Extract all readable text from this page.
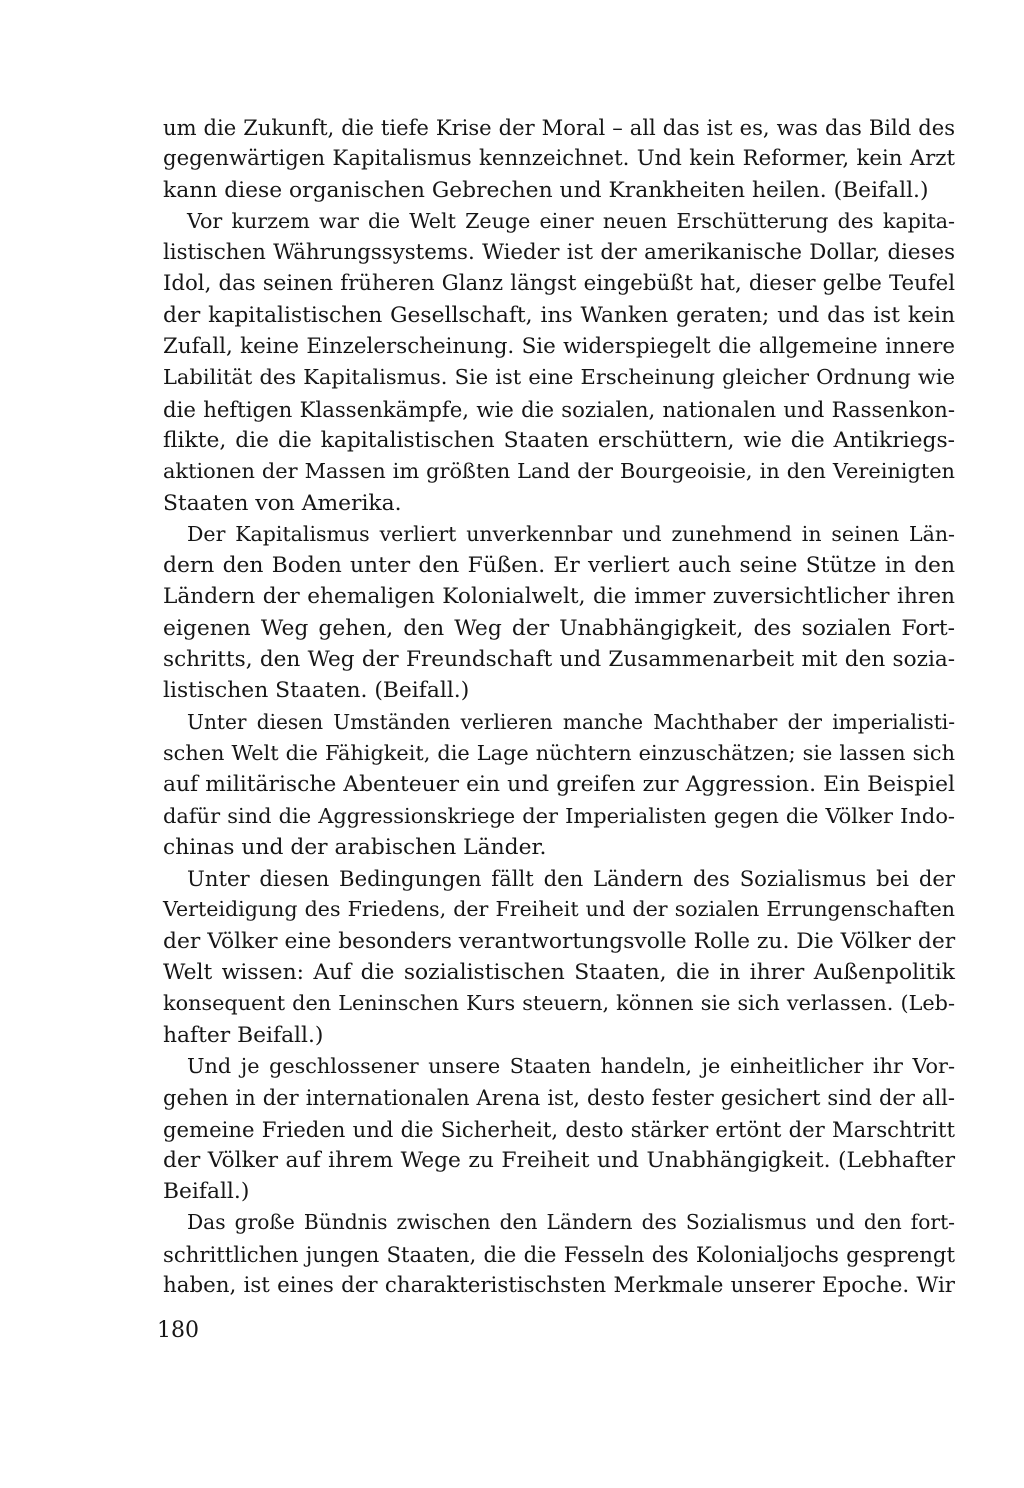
um die Zukunft, die tiefe Krise der Moral – all das ist es, was das Bild des
gegenwärtigen Kapitalismus kennzeichnet. Und kein Reformer, kein Arzt
kann diese organischen Gebrechen und Krankheiten heilen. (Beifall.)
Vor kurzem war die Welt Zeuge einer neuen Erschütterung des kapita-
listischen Währungssystems. Wieder ist der amerikanische Dollar, dieses
Idol, das seinen früheren Glanz längst eingebüßt hat, dieser gelbe Teufel
der kapitalistischen Gesellschaft, ins Wanken geraten; und das ist kein
Zufall, keine Einzelerscheinung. Sie widerspiegelt die allgemeine innere
Labilität des Kapitalismus. Sie ist eine Erscheinung gleicher Ordnung wie
die heftigen Klassenkämpfe, wie die sozialen, nationalen und Rassenkon-
flikte, die die kapitalistischen Staaten erschüttern, wie die Antikriegs-
aktionen der Massen im größten Land der Bourgeoisie, in den Vereinigten
Staaten von Amerika.
Der Kapitalismus verliert unverkennbar und zunehmend in seinen Län-
dern den Boden unter den Füßen. Er verliert auch seine Stütze in den
Ländern der ehemaligen Kolonialwelt, die immer zuversichtlicher ihren
eigenen Weg gehen, den Weg der Unabhängigkeit, des sozialen Fort-
schritts, den Weg der Freundschaft und Zusammenarbeit mit den sozia-
listischen Staaten. (Beifall.)
Unter diesen Umständen verlieren manche Machthaber der imperialisti-
schen Welt die Fähigkeit, die Lage nüchtern einzuschätzen; sie lassen sich
auf militärische Abenteuer ein und greifen zur Aggression. Ein Beispiel
dafür sind die Aggressionskriege der Imperialisten gegen die Völker Indo-
chinas und der arabischen Länder.
Unter diesen Bedingungen fällt den Ländern des Sozialismus bei der
Verteidigung des Friedens, der Freiheit und der sozialen Errungenschaften
der Völker eine besonders verantwortungsvolle Rolle zu. Die Völker der
Welt wissen: Auf die sozialistischen Staaten, die in ihrer Außenpolitik
konsequent den Leninschen Kurs steuern, können sie sich verlassen. (Leb-
hafter Beifall.)
Und je geschlossener unsere Staaten handeln, je einheitlicher ihr Vor-
gehen in der internationalen Arena ist, desto fester gesichert sind der all-
gemeine Frieden und die Sicherheit, desto stärker ertönt der Marschtritt
der Völker auf ihrem Wege zu Freiheit und Unabhängigkeit. (Lebhafter
Beifall.)
Das große Bündnis zwischen den Ländern des Sozialismus und den fort-
schrittlichen jungen Staaten, die die Fesseln des Kolonialjochs gesprengt
haben, ist eines der charakteristischsten Merkmale unserer Epoche. Wir
180
